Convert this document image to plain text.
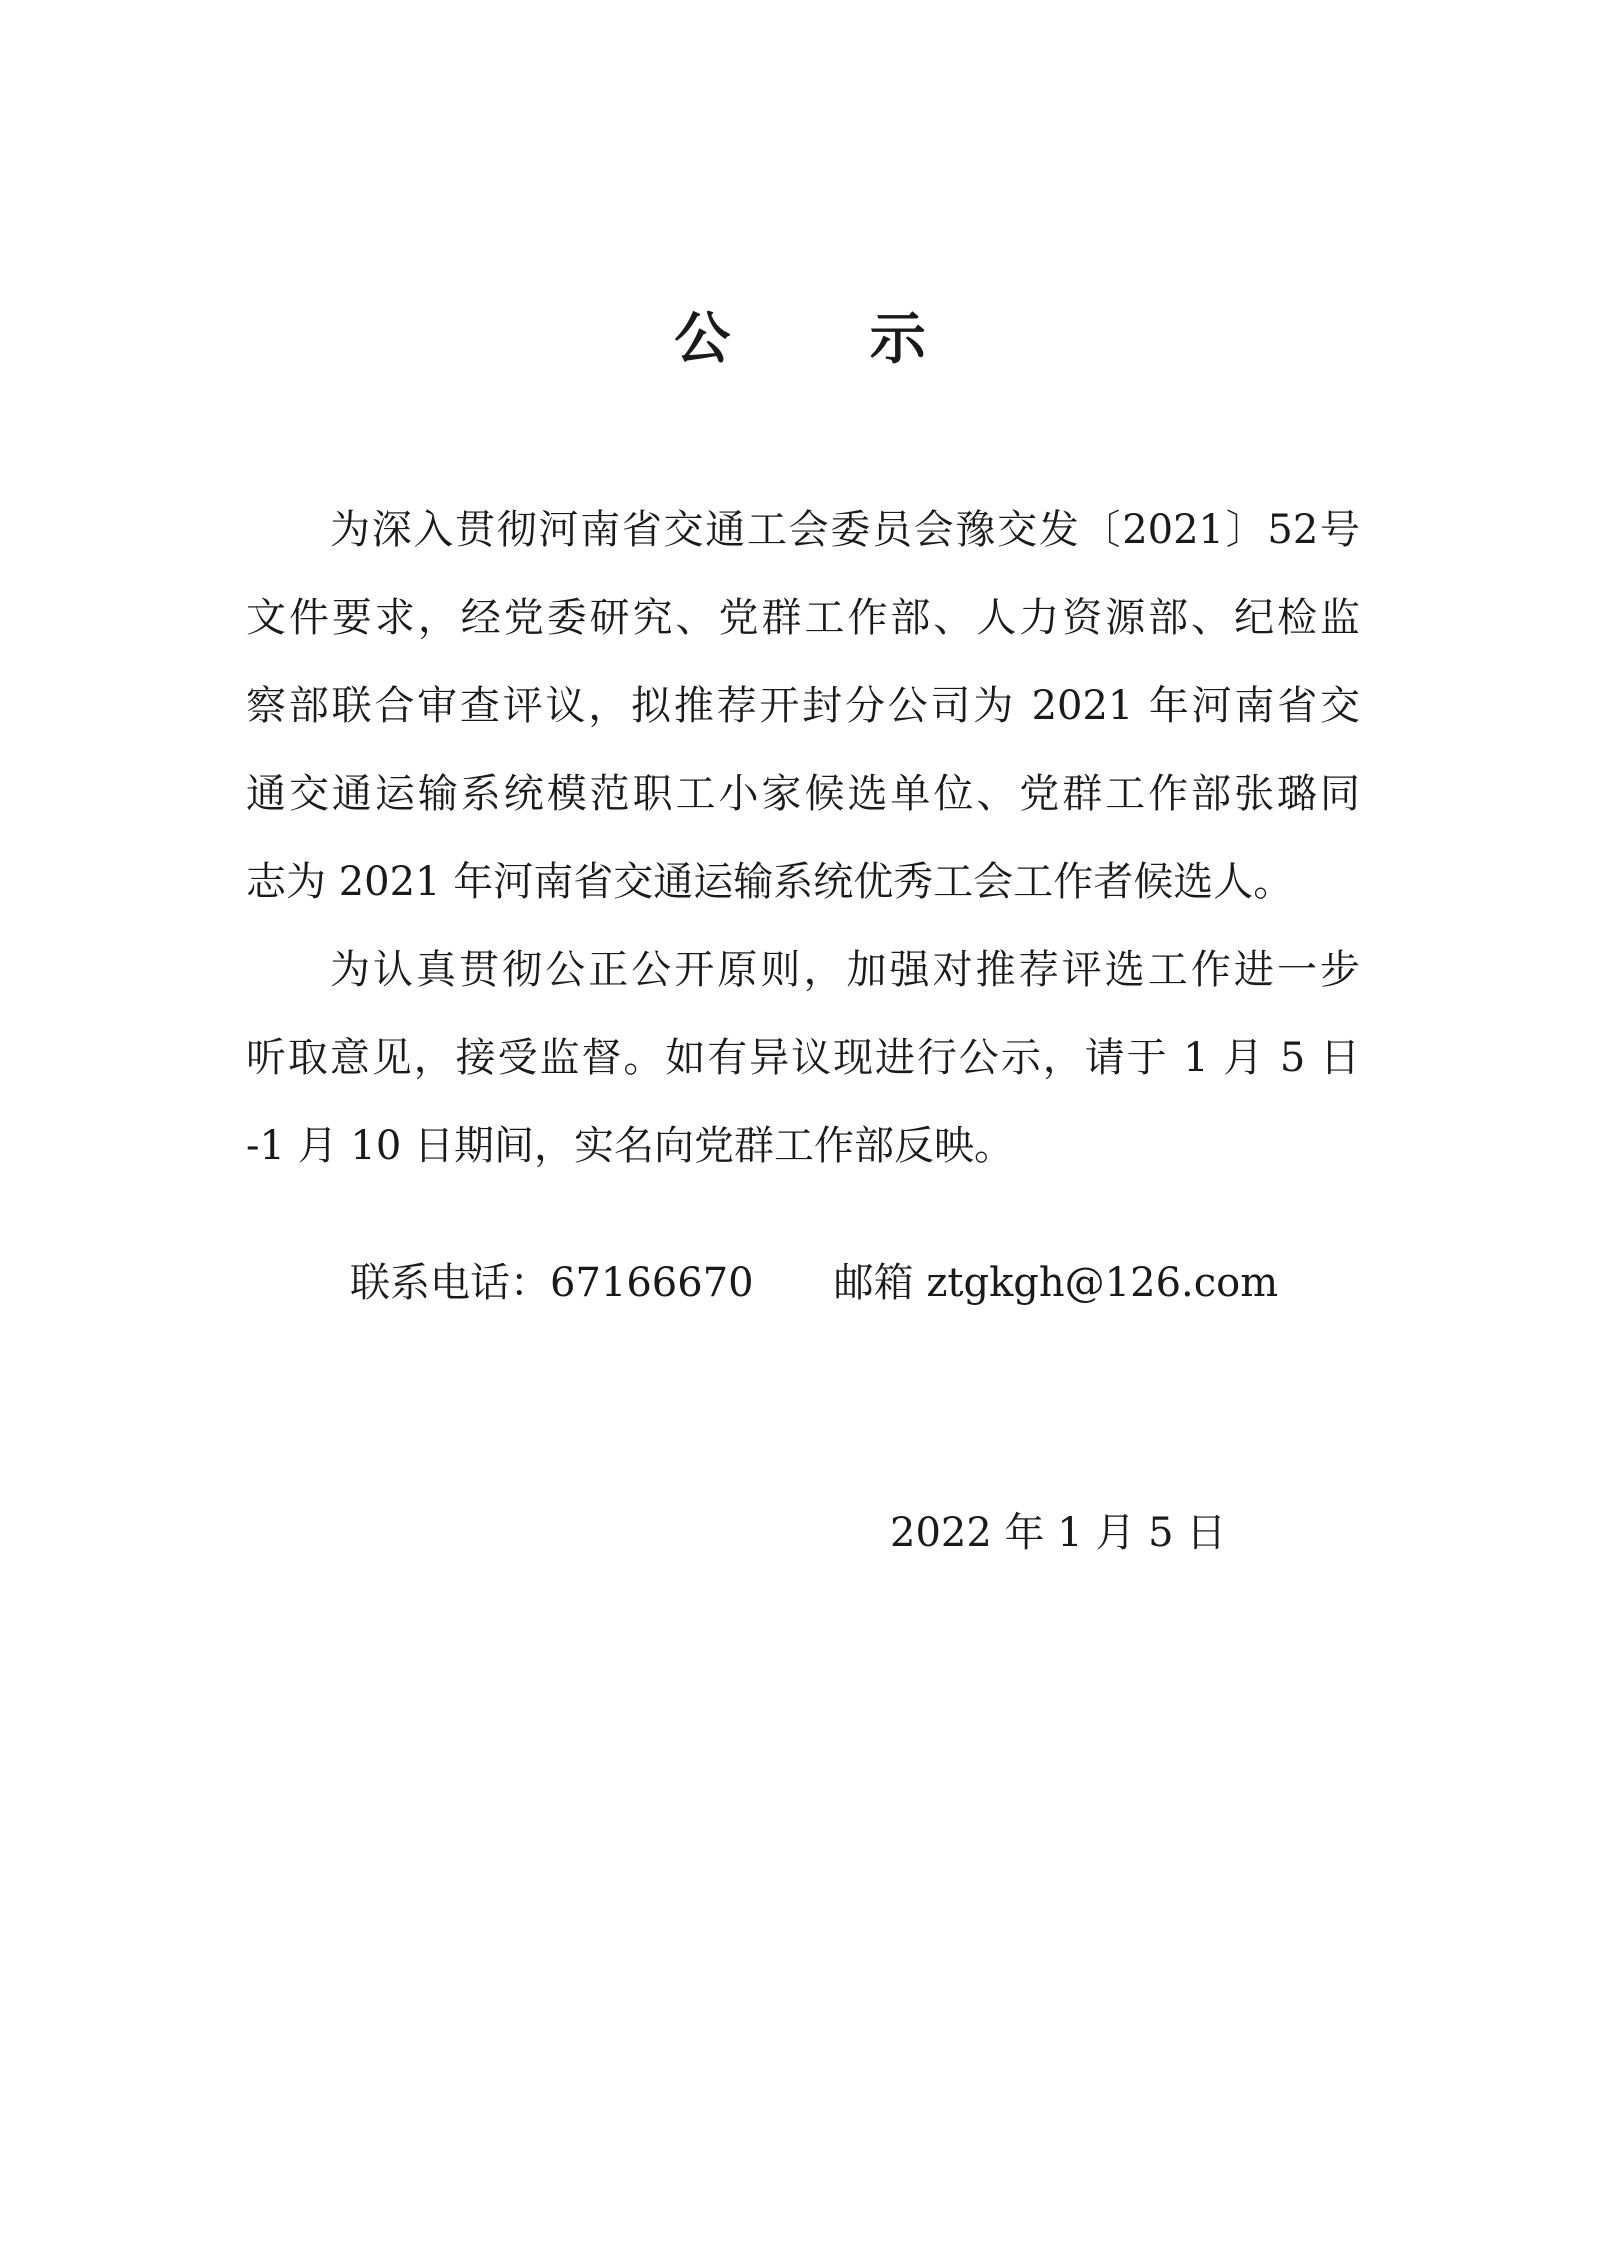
公 示
为深入贯彻河南省交通工会委员会豫交发〔2021〕52号
文件要求，经党委研究、党群工作部、人力资源部、纪检监
察部联合审查评议，拟推荐开封分公司为 2021 年河南省交
通交通运输系统模范职工小家候选单位、党群工作部张璐同
志为 2021 年河南省交通运输系统优秀工会工作者候选人。
为认真贯彻公正公开原则，加强对推荐评选工作进一步
听取意见，接受监督。如有异议现进行公示，请于 1 月 5 日
-1 月 10 日期间，实名向党群工作部反映。
联系电话：67166670 邮箱 ztgkgh@126.com
2022 年 1 月 5 日
